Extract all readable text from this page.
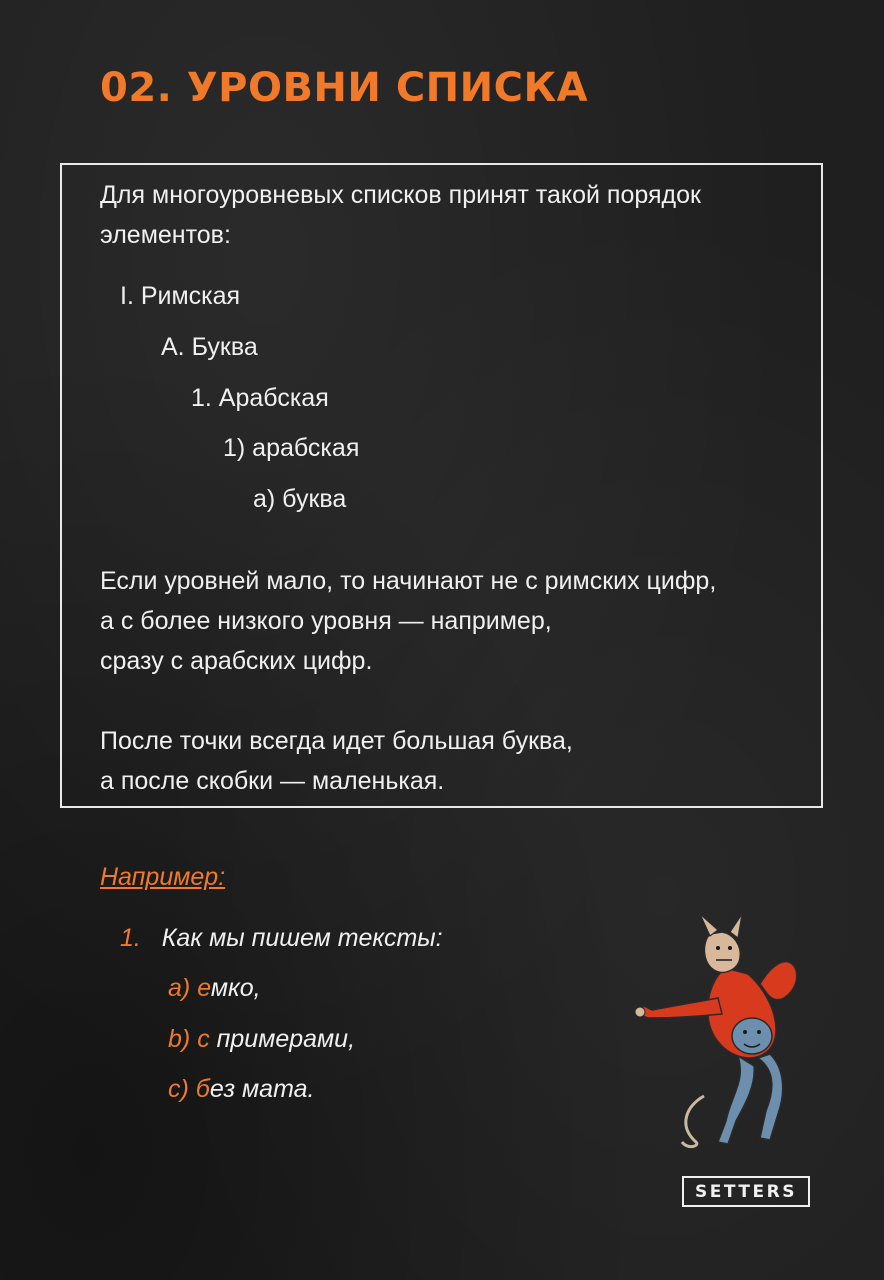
02. УРОВНИ СПИСКА
Для многоуровневых списков принят такой порядок
элементов:
I. Римская
A. Буква
1. Арабская
1) арабская
а) буква
Если уровней мало, то начинают не с римских цифр,
а с более низкого уровня — например,
сразу с арабских цифр.
После точки всегда идет большая буква,
а после скобки — маленькая.
Например:
1. Как мы пишем тексты:
a) емко,
b) с примерами,
c) без мата.
SETTERS
